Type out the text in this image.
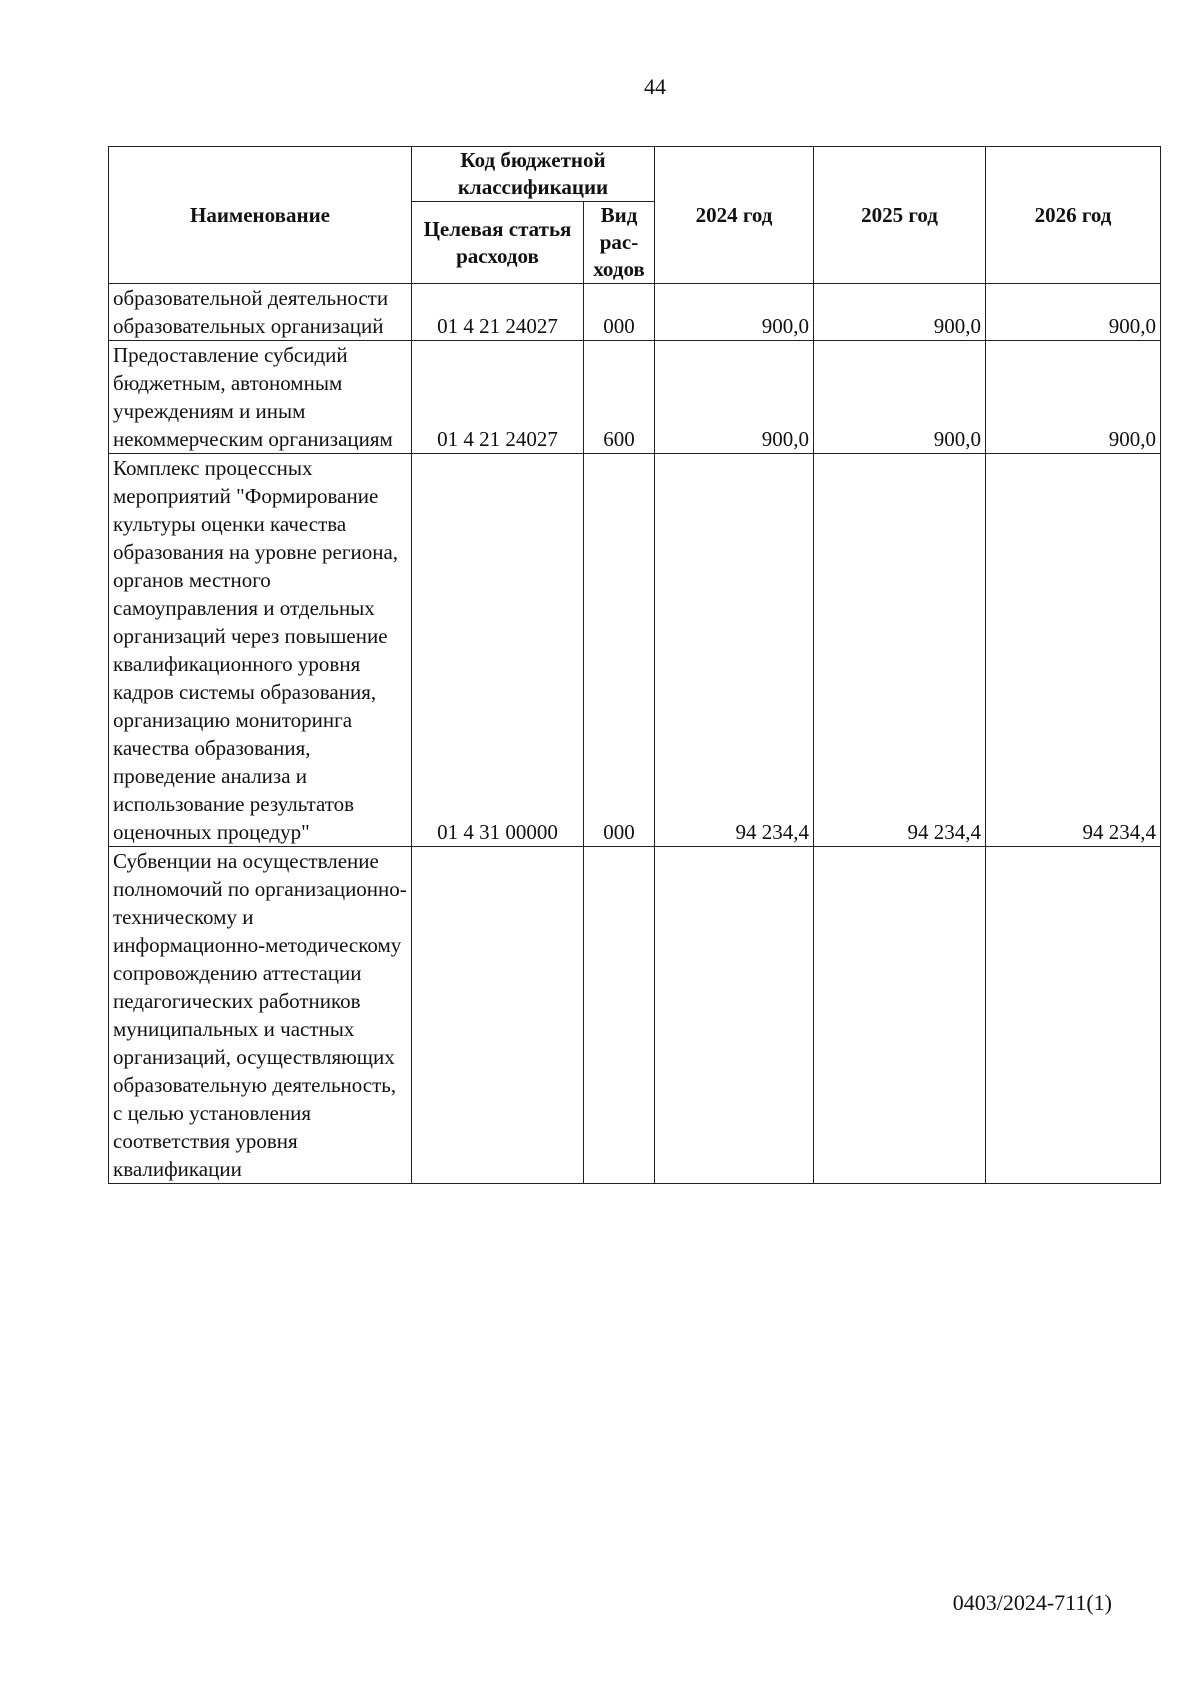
44
Наименование	Код бюджетной классификации		2024 год	2025 год	2026 год
	Целевая статья расходов	Вид рас-ходов			
образовательной деятельности образовательных организаций	01 4 21 24027	000	900,0	900,0	900,0
Предоставление субсидий бюджетным, автономным учреждениям и иным некоммерческим организациям	01 4 21 24027	600	900,0	900,0	900,0
Комплекс процессных мероприятий "Формирование культуры оценки качества образования на уровне региона, органов местного самоуправления и отдельных организаций через повышение квалификационного уровня кадров системы образования, организацию мониторинга качества образования, проведение анализа и использование результатов оценочных процедур"	01 4 31 00000	000	94 234,4	94 234,4	94 234,4
Субвенции на осуществление полномочий по организационно-техническому и информационно-методическому сопровождению аттестации педагогических работников муниципальных и частных организаций, осуществляющих образовательную деятельность, с целью установления соответствия уровня квалификации					
0403/2024-711(1)
